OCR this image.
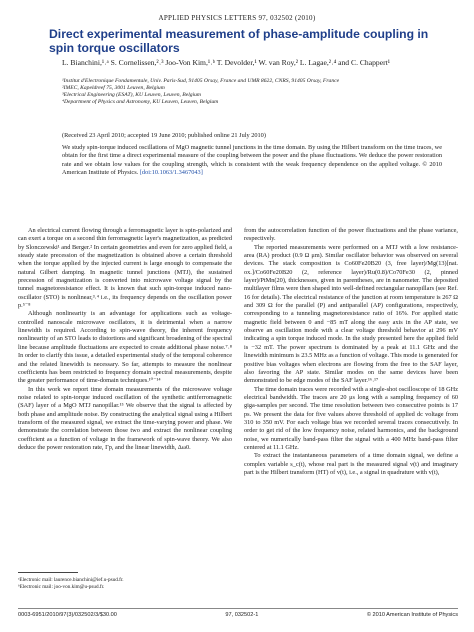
APPLIED PHYSICS LETTERS 97, 032502 (2010)
Direct experimental measurement of phase-amplitude coupling in spin torque oscillators
L. Bianchini,¹˒ᵃ S. Cornelissen,²˒³ Joo-Von Kim,¹˒ᵇ T. Devolder,¹ W. van Roy,² L. Lagae,²˒⁴ and C. Chappert¹
¹Institut d'Electronique Fondamentale, Univ. Paris-Sud, 91405 Orsay, France and UMR 8622, CNRS, 91405 Orsay, France
²IMEC, Kapeldreef 75, 3001 Leuven, Belgium
³Electrical Engineering (ESAT), KU Leuven, Leuven, Belgium
⁴Department of Physics and Astronomy, KU Leuven, Leuven, Belgium
(Received 23 April 2010; accepted 19 June 2010; published online 21 July 2010)
We study spin-torque induced oscillations of MgO magnetic tunnel junctions in the time domain. By using the Hilbert transform on the time traces, we obtain for the first time a direct experimental measure of the coupling between the power and the phase fluctuations. We deduce the power restoration rate and we obtain low values for the coupling strength, which is consistent with the weak frequency dependence on the applied voltage. © 2010 American Institute of Physics. [doi:10.1063/1.3467043]

An electrical current flowing through a ferromagnetic layer is spin-polarized and can exert a torque on a second thin ferromagnetic layer's magnetization, as predicted by Slonczewski¹ and Berger.² In certain geometries and even for zero applied field, a steady state precession of the magnetization is obtained above a certain threshold when the torque applied by the injected current is large enough to compensate the natural Gilbert damping. In magnetic tunnel junctions (MTJ), the sustained precession of magnetization is converted into microwave voltage signal by the tunnel magnetoresistance effect. It is known that such spin-torque induced nano-oscillator (STO) is nonlinear,³˒⁴ i.e., its frequency depends on the oscillation power p.⁵⁻⁸

Although nonlinearity is an advantage for applications such as voltage-controlled nanoscale microwave oscillators, it is detrimental when a narrow linewidth is required. According to spin-wave theory, the inherent frequency nonlinearity of an STO leads to distortions and significant broadening of the spectral line because amplitude fluctuations are expected to create additional phase noise.⁷˒⁸ In order to clarify this issue, a detailed experimental study of the temporal coherence and the related linewidth is necessary. So far, attempts to measure the nonlinear coefficients has been restricted to frequency domain spectral measurements, despite the greater performance of time-domain techniques.¹⁰⁻¹⁴

In this work we report time domain measurements of the microwave voltage noise related to spin-torque induced oscillation of the synthetic antiferromagnetic (SAF) layer of a MgO MTJ nanopillar.¹⁵ We observe that the signal is affected by both phase and amplitude noise. By constructing the analytical signal using a Hilbert transform of the measured signal, we extract the time-varying power and phase. We demonstrate the correlation between those two and extract the nonlinear coupling coefficient as a function of voltage in the framework of spin-wave theory. We also deduce the power restoration rate, Γp, and the linear linewidth, Δω0.

from the autocorrelation function of the power fluctuations and the phase variance, respectively.

The reported measurements were performed on a MTJ with a low resistance-area (RA) product (0.9 Ω μm). Similar oscillator behavior was observed on several devices. The stack composition is Co60Fe20B20 (3, free layer)/Mg(13)[nat. ox.]/Co60Fe20B20 (2, reference layer)/Ru(0.8)/Co70Fe30 (2, pinned layer)/PtMn(20), thicknesses, given in parentheses, are in nanometer. The deposited multilayer films were then shaped into well-defined rectangular nanopillars (see Ref. 16 for details). The electrical resistance of the junction at room temperature is 267 Ω and 309 Ω for the parallel (P) and antiparallel (AP) configurations, respectively, corresponding to a tunneling magnetoresistance ratio of 16%. For applied static magnetic field between 0 and −85 mT along the easy axis in the AP state, we observe an oscillation mode with a clear voltage threshold behavior at 296 mV indicating a spin torque induced mode. In the study presented here the applied field is −32 mT. The power spectrum is dominated by a peak at 11.1 GHz and the linewidth minimum is 23.5 MHz as a function of voltage. This mode is generated for positive bias voltages when electrons are flowing from the free to the SAF layer, also favoring the AP state. Similar modes on the same devices have been demonstrated to be edge modes of the SAF layer.¹⁶˒¹⁷

The time domain traces were recorded with a single-shot oscilloscope of 18 GHz electrical bandwidth. The traces are 20 μs long with a sampling frequency of 60 giga-samples per second. The time resolution between two consecutive points is 17 ps. We present the data for five values above threshold of applied dc voltage from 310 to 350 mV. For each voltage bias we recorded several traces consecutively. In order to get rid of the low frequency noise, related harmonics, and the background noise, we numerically band-pass filter the signal with a 400 MHz band-pass filter centered at 11.1 GHz.

To extract the instantaneous parameters of a time domain signal, we define a complex variable s_c(t), whose real part is the measured signal v(t) and imaginary part is the Hilbert transform (HT) of v(t), i.e., a signal in quadrature with v(t),

ᵃElectronic mail: laurence.bianchini@ief.u-psud.fr.
ᵇElectronic mail: joo-von.kim@u-psud.fr.
0003-6951/2010/97(3)/032502/3/$30.00	97, 032502-1	© 2010 American Institute of Physics
